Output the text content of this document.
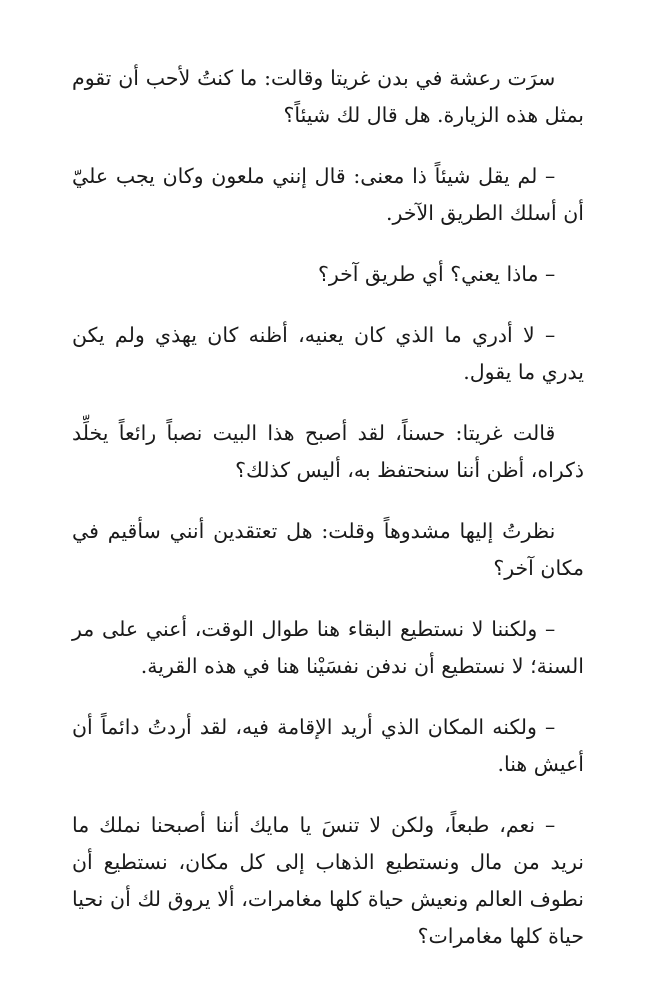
سرَت رعشة في بدن غريتا وقالت: ما كنتُ لأحب أن تقوم بمثل هذه الزيارة. هل قال لك شيئاً؟

– لم يقل شيئاً ذا معنى: قال إنني ملعون وكان يجب عليّ أن أسلك الطريق الآخر.

– ماذا يعني؟ أي طريق آخر؟

– لا أدري ما الذي كان يعنيه، أظنه كان يهذي ولم يكن يدري ما يقول.

قالت غريتا: حسناً، لقد أصبح هذا البيت نصباً رائعاً يخلِّد ذكراه، أظن أننا سنحتفظ به، أليس كذلك؟

نظرتُ إليها مشدوهاً وقلت: هل تعتقدين أنني سأقيم في مكان آخر؟

– ولكننا لا نستطيع البقاء هنا طوال الوقت، أعني على مر السنة؛ لا نستطيع أن ندفن نفسَيْنا هنا في هذه القرية.

– ولكنه المكان الذي أريد الإقامة فيه، لقد أردتُ دائماً أن أعيش هنا.

– نعم، طبعاً، ولكن لا تنسَ يا مايك أننا أصبحنا نملك ما نريد من مال ونستطيع الذهاب إلى كل مكان، نستطيع أن نطوف العالم ونعيش حياة كلها مغامرات، ألا يروق لك أن نحيا حياة كلها مغامرات؟
